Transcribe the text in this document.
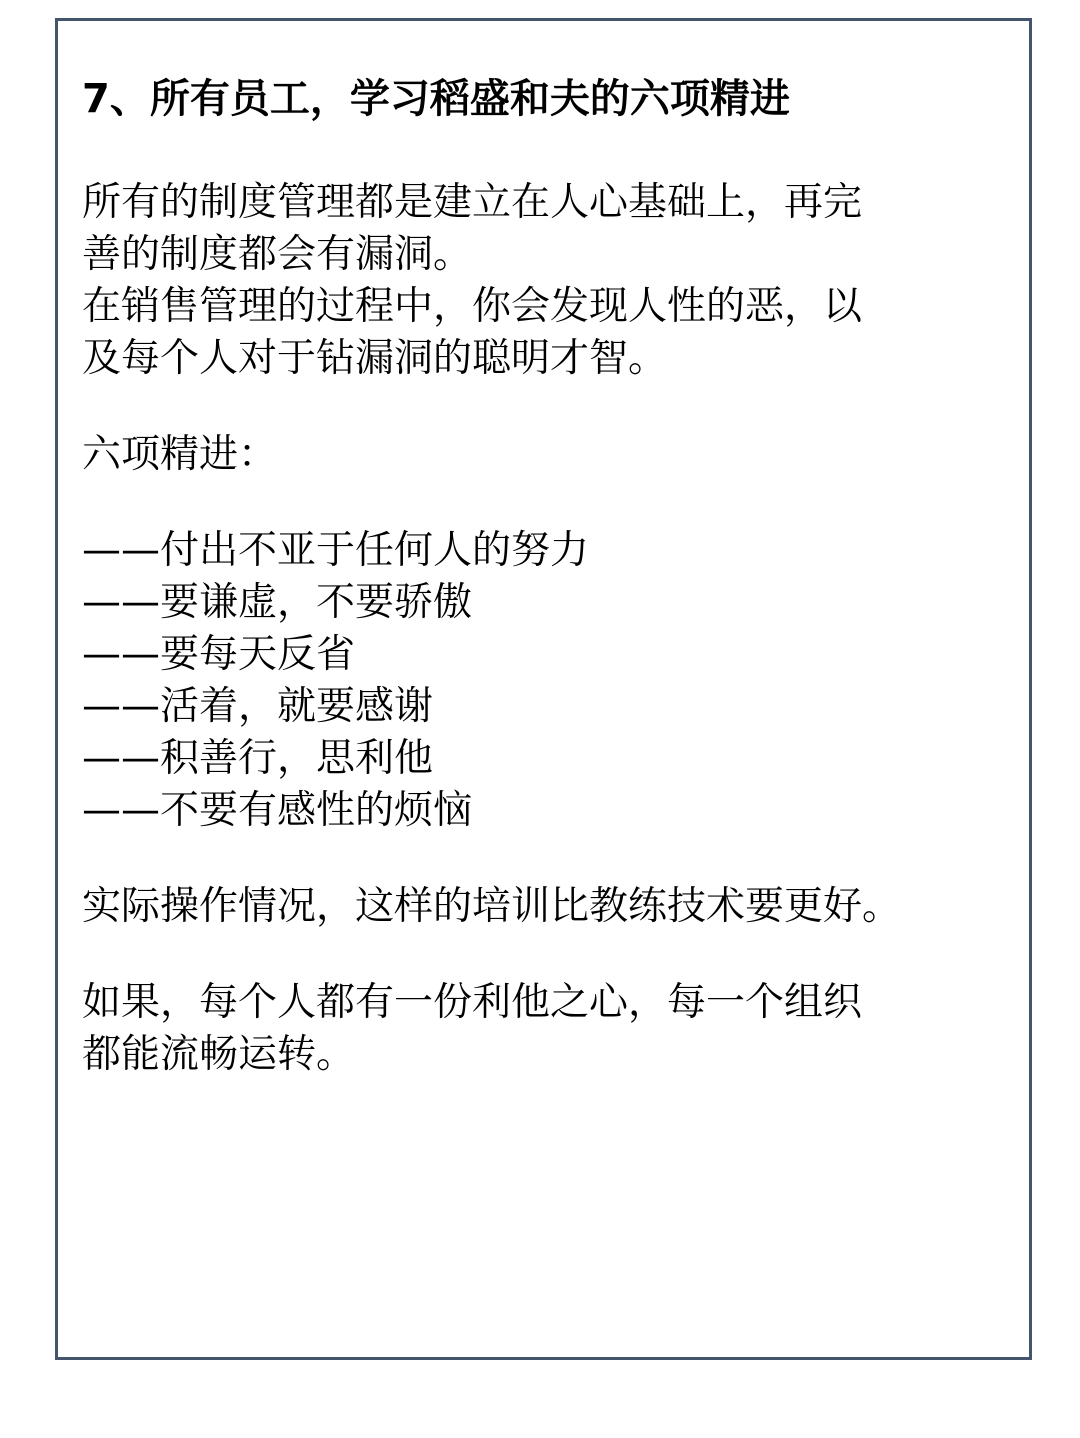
7、所有员工，学习稻盛和夫的六项精进

所有的制度管理都是建立在人心基础上，再完

善的制度都会有漏洞。

在销售管理的过程中，你会发现人性的恶，以

及每个人对于钻漏洞的聪明才智。

六项精进：

——付出不亚于任何人的努力
——要谦虚，不要骄傲
——要每天反省
——活着，就要感谢
——积善行，思利他
——不要有感性的烦恼

实际操作情况，这样的培训比教练技术要更好。

如果，每个人都有一份利他之心，每一个组织

都能流畅运转。
